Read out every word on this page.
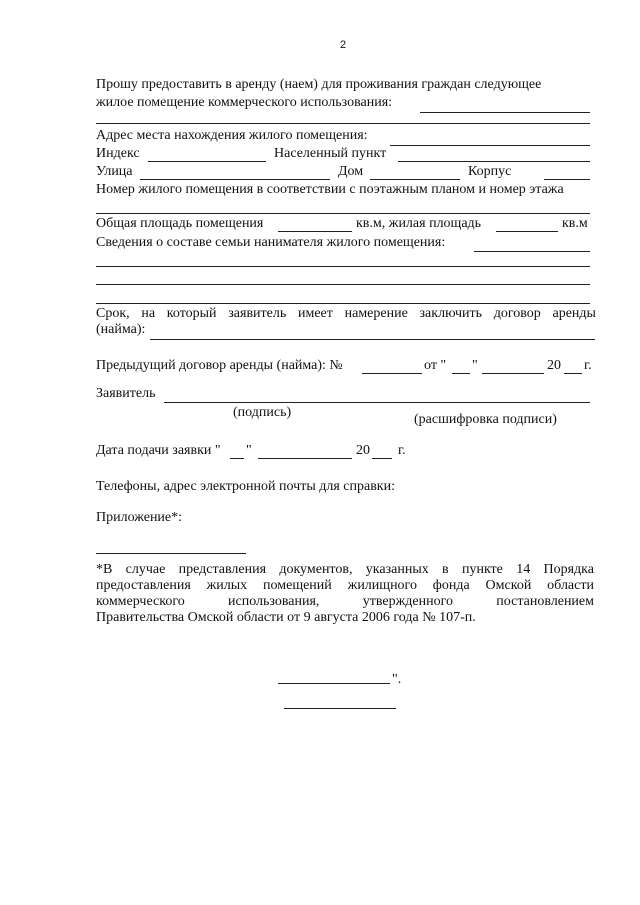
2
Прошу предоставить в аренду (наем) для проживания граждан следующее
жилое помещение коммерческого использования:
Адрес места нахождения жилого помещения:
Индекс	Населенный пункт
Улица	Дом	Корпус
Номер жилого помещения в соответствии с поэтажным планом и номер этажа
Общая площадь помещения	кв.м, жилая площадь	кв.м
Сведения о составе семьи нанимателя жилого помещения:
Срок, на который заявитель имеет намерение заключить договор аренды
(найма):
Предыдущий договор аренды (найма): №	от " "	20 г.
Заявитель
(подпись)	(расшифровка подписи)
Дата подачи заявки " "	20 г.
Телефоны, адрес электронной почты для справки:
Приложение*:
*В случае представления документов, указанных в пункте 14 Порядка
предоставления жилых помещений жилищного фонда Омской области
коммерческого	использования,	утвержденного	постановлением
Правительства Омской области от 9 августа 2006 года № 107-п.
".
